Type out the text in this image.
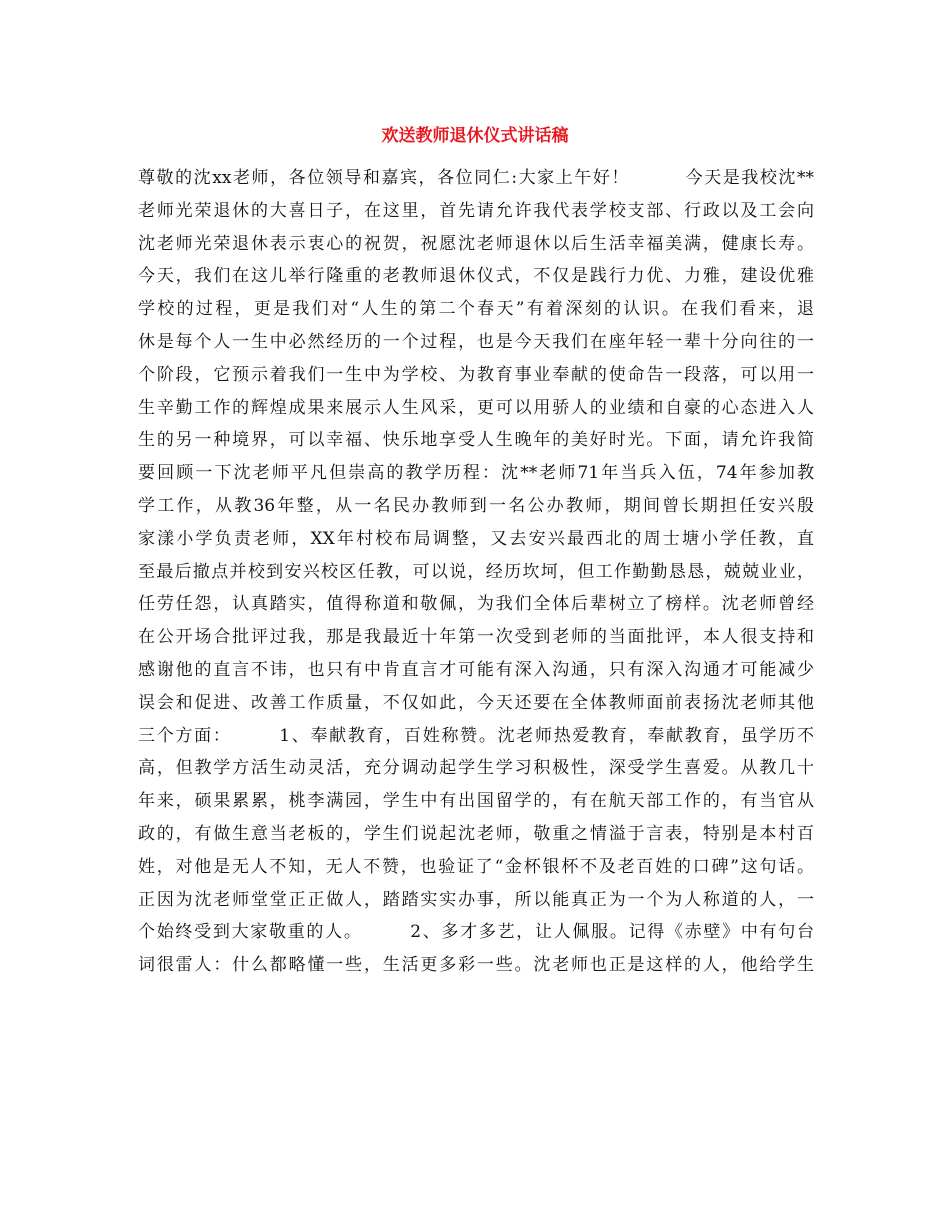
欢送教师退休仪式讲话稿
尊敬的沈xx老师，各位领导和嘉宾，各位同仁:大家上午好！　　　今天是我校沈**
老师光荣退休的大喜日子，在这里，首先请允许我代表学校支部、行政以及工会向
沈老师光荣退休表示衷心的祝贺，祝愿沈老师退休以后生活幸福美满，健康长寿。
今天，我们在这儿举行隆重的老教师退休仪式，不仅是践行力优、力雅，建设优雅
学校的过程，更是我们对“人生的第二个春天”有着深刻的认识。在我们看来，退
休是每个人一生中必然经历的一个过程，也是今天我们在座年轻一辈十分向往的一
个阶段，它预示着我们一生中为学校、为教育事业奉献的使命告一段落，可以用一
生辛勤工作的辉煌成果来展示人生风采，更可以用骄人的业绩和自豪的心态进入人
生的另一种境界，可以幸福、快乐地享受人生晚年的美好时光。下面，请允许我简
要回顾一下沈老师平凡但崇高的教学历程：沈**老师71年当兵入伍，74年参加教
学工作，从教36年整，从一名民办教师到一名公办教师，期间曾长期担任安兴殷
家漾小学负责老师，XX年村校布局调整，又去安兴最西北的周士塘小学任教，直
至最后撤点并校到安兴校区任教，可以说，经历坎坷，但工作勤勤恳恳，兢兢业业，
任劳任怨，认真踏实，值得称道和敬佩，为我们全体后辈树立了榜样。沈老师曾经
在公开场合批评过我，那是我最近十年第一次受到老师的当面批评，本人很支持和
感谢他的直言不讳，也只有中肯直言才可能有深入沟通，只有深入沟通才可能减少
误会和促进、改善工作质量，不仅如此，今天还要在全体教师面前表扬沈老师其他
三个方面：　　　1、奉献教育，百姓称赞。沈老师热爱教育，奉献教育，虽学历不
高，但教学方活生动灵活，充分调动起学生学习积极性，深受学生喜爱。从教几十
年来，硕果累累，桃李满园，学生中有出国留学的，有在航天部工作的，有当官从
政的，有做生意当老板的，学生们说起沈老师，敬重之情溢于言表，特别是本村百
姓，对他是无人不知，无人不赞，也验证了“金杯银杯不及老百姓的口碑”这句话。
正因为沈老师堂堂正正做人，踏踏实实办事，所以能真正为一个为人称道的人，一
个始终受到大家敬重的人。　　　2、多才多艺，让人佩服。记得《赤壁》中有句台
词很雷人：什么都略懂一些，生活更多彩一些。沈老师也正是这样的人，他给学生
